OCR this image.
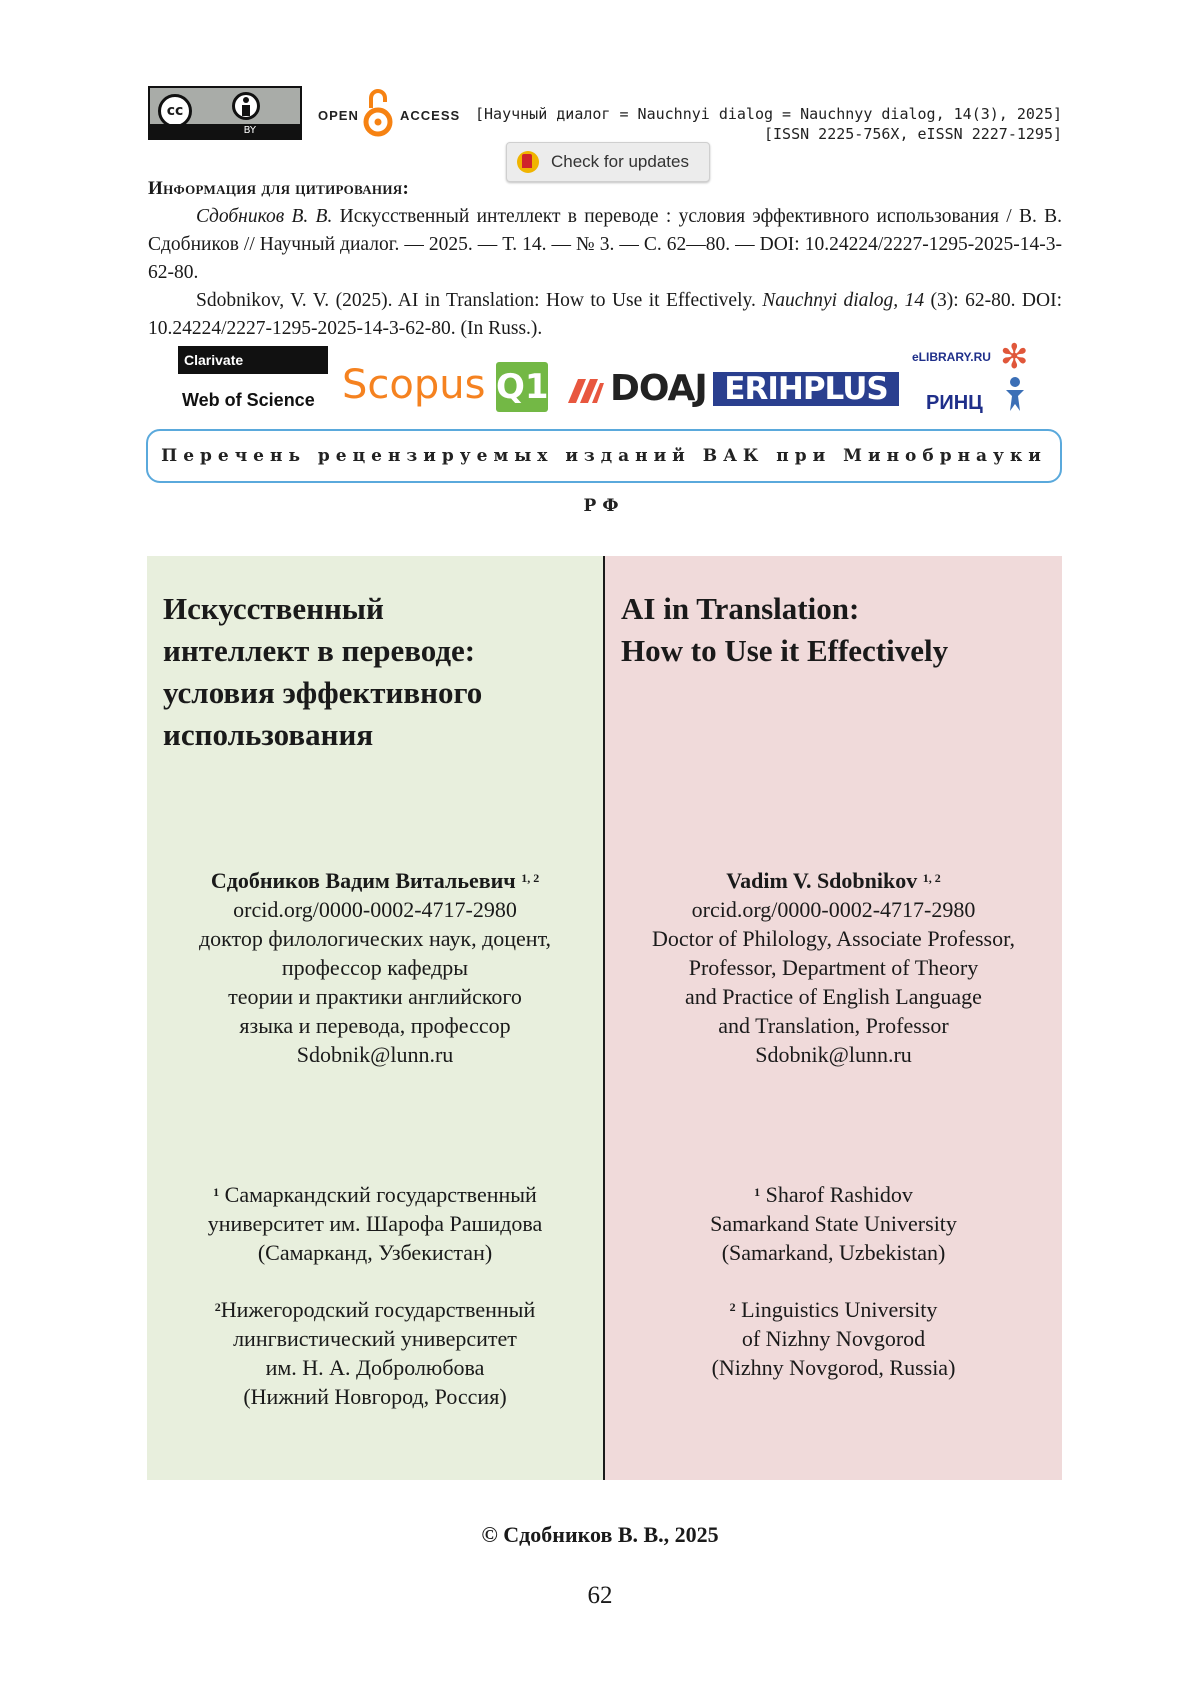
cc
BY
OPEN	ACCESS [Научный диалог = Nauchnyi dialog = Nauchnyy dialog, 14(3), 2025]
[ISSN 2225-756X, eISSN 2227-1295]
Check for updates
Информация для цитирования:

Сдобников В. В. Искусственный интеллект в переводе : условия эффективного использования / В. В. Сдобников // Научный диалог. — 2025. — Т. 14. — № 3. — С. 62—80. — DOI: 10.24224/2227-1295-2025-14-3-62-80.

Sdobnikov, V. V. (2025). AI in Translation: How to Use it Effectively. Nauchnyi dialog, 14 (3): 62-80. DOI: 10.24224/2227-1295-2025-14-3-62-80. (In Russ.).

Clarivate
Web of Science Scopus Q1 DOAJ ERIHPLUS
eLIBRARY.RU
РИНЦ
✻
Перечень рецензируемых изданий ВАК при Минобрнауки РФ
Искусственный
интеллект в переводе:
условия эффективного
использования
Сдобников Вадим Витальевич $^{1, 2}$
orcid.org/0000-0002-4717-2980
доктор филологических наук, доцент,
профессор кафедры
теории и практики английского
языка и перевода, профессор
Sdobnik@lunn.ru
$^1$ Самаркандский государственный
университет им. Шарофа Рашидова
(Самарканд, Узбекистан)
$^2$Нижегородский государственный
лингвистический университет
им. Н. А. Добролюбова
(Нижний Новгород, Россия)
AI in Translation:
How to Use it Effectively
Vadim V. Sdobnikov $^{1, 2}$
orcid.org/0000-0002-4717-2980
Doctor of Philology, Associate Professor,
Professor, Department of Theory
and Practice of English Language
and Translation, Professor
Sdobnik@lunn.ru
$^1$ Sharof Rashidov
Samarkand State University
(Samarkand, Uzbekistan)
$^2$ Linguistics University
of Nizhny Novgorod
(Nizhny Novgorod, Russia)
© Сдобников В. В., 2025
62
